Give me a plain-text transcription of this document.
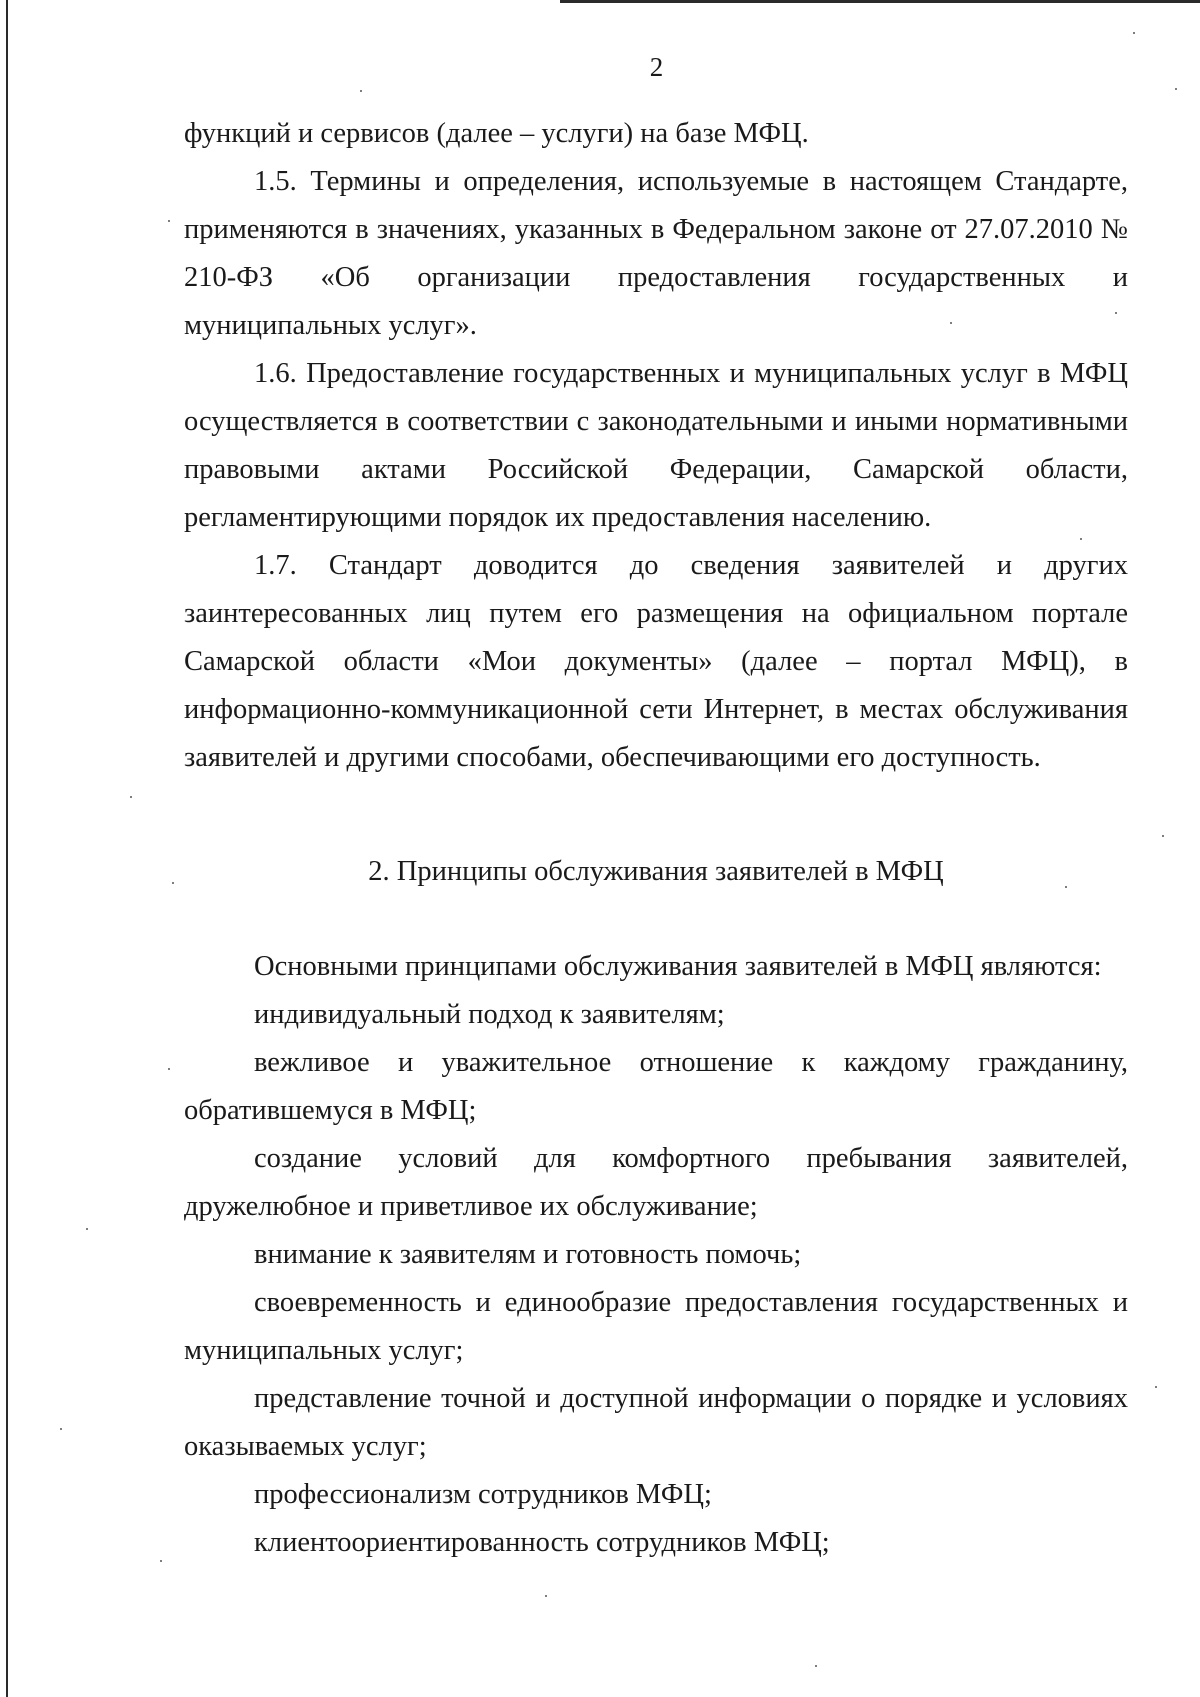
2

функций и сервисов (далее – услуги) на базе МФЦ.

1.5. Термины и определения, используемые в настоящем Стандарте, применяются в значениях, указанных в Федеральном законе от 27.07.2010 № 210-ФЗ «Об организации предоставления государственных и муниципальных услуг».

1.6. Предоставление государственных и муниципальных услуг в МФЦ осуществляется в соответствии с законодательными и иными нормативными правовыми актами Российской Федерации, Самарской области, регламентирующими порядок их предоставления населению.

1.7. Стандарт доводится до сведения заявителей и других заинтересованных лиц путем его размещения на официальном портале Самарской области «Мои документы» (далее – портал МФЦ), в информационно-коммуникационной сети Интернет, в местах обслуживания заявителей и другими способами, обеспечивающими его доступность.

2. Принципы обслуживания заявителей в МФЦ

Основными принципами обслуживания заявителей в МФЦ являются:

индивидуальный подход к заявителям;

вежливое и уважительное отношение к каждому гражданину, обратившемуся в МФЦ;

создание условий для комфортного пребывания заявителей, дружелюбное и приветливое их обслуживание;

внимание к заявителям и готовность помочь;

своевременность и единообразие предоставления государственных и муниципальных услуг;

представление точной и доступной информации о порядке и условиях оказываемых услуг;

профессионализм сотрудников МФЦ;

клиентоориентированность сотрудников МФЦ;
